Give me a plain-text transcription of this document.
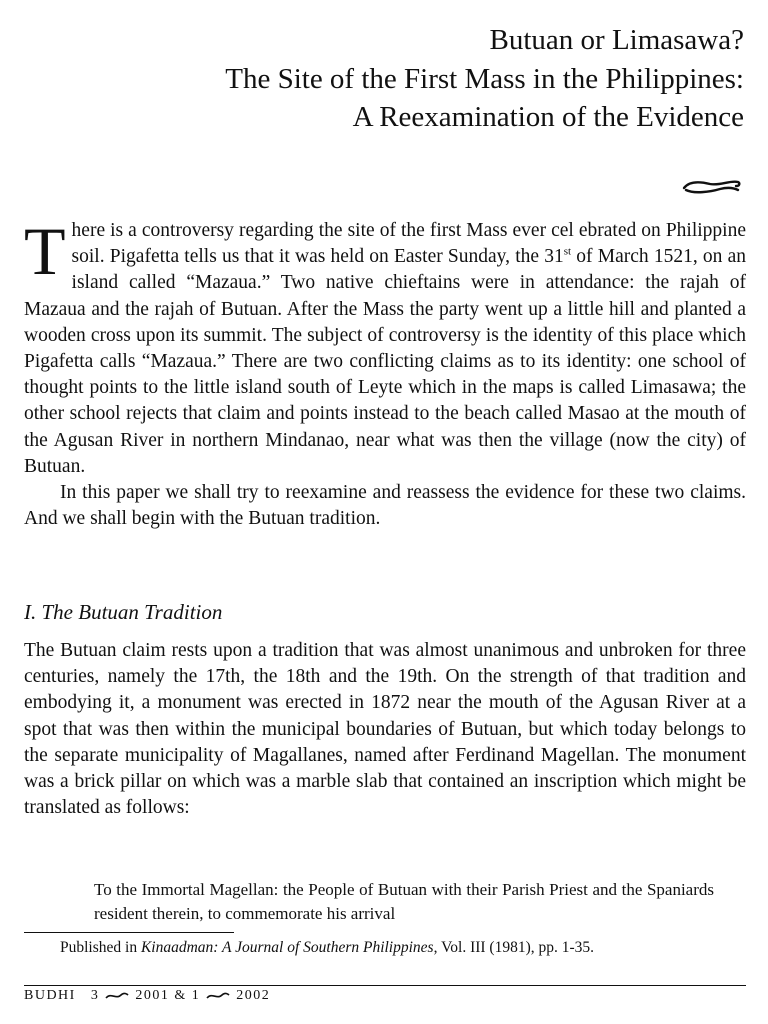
Butuan or Limasawa?
The Site of the First Mass in the Philippines:
A Reexamination of the Evidence

There is a controversy regarding the site of the first Mass ever cel ebrated on Philippine soil. Pigafetta tells us that it was held on Easter Sunday, the 31st of March 1521, on an island called “Mazaua.” Two native chieftains were in attendance: the rajah of Mazaua and the rajah of Butuan. After the Mass the party went up a little hill and planted a wooden cross upon its summit. The subject of controversy is the identity of this place which Pigafetta calls “Mazaua.” There are two conflicting claims as to its identity: one school of thought points to the little island south of Leyte which in the maps is called Limasawa; the other school rejects that claim and points instead to the beach called Masao at the mouth of the Agusan River in northern Mindanao, near what was then the village (now the city) of Butuan.

In this paper we shall try to reexamine and reassess the evidence for these two claims. And we shall begin with the Butuan tradition.

I. The Butuan Tradition

The Butuan claim rests upon a tradition that was almost unanimous and unbroken for three centuries, namely the 17th, the 18th and the 19th. On the strength of that tradition and embodying it, a monument was erected in 1872 near the mouth of the Agusan River at a spot that was then within the municipal boundaries of Butuan, but which today belongs to the separate municipality of Magallanes, named after Ferdinand Magellan. The monument was a brick pillar on which was a marble slab that contained an inscription which might be translated as follows:

To the Immortal Magellan: the People of Butuan with their Parish Priest and the Spaniards resident therein, to commemorate his arrival

Published in Kinaadman: A Journal of Southern Philippines, Vol. III (1981), pp. 1-35.

BUDHI 3	2001 & 1	2002
